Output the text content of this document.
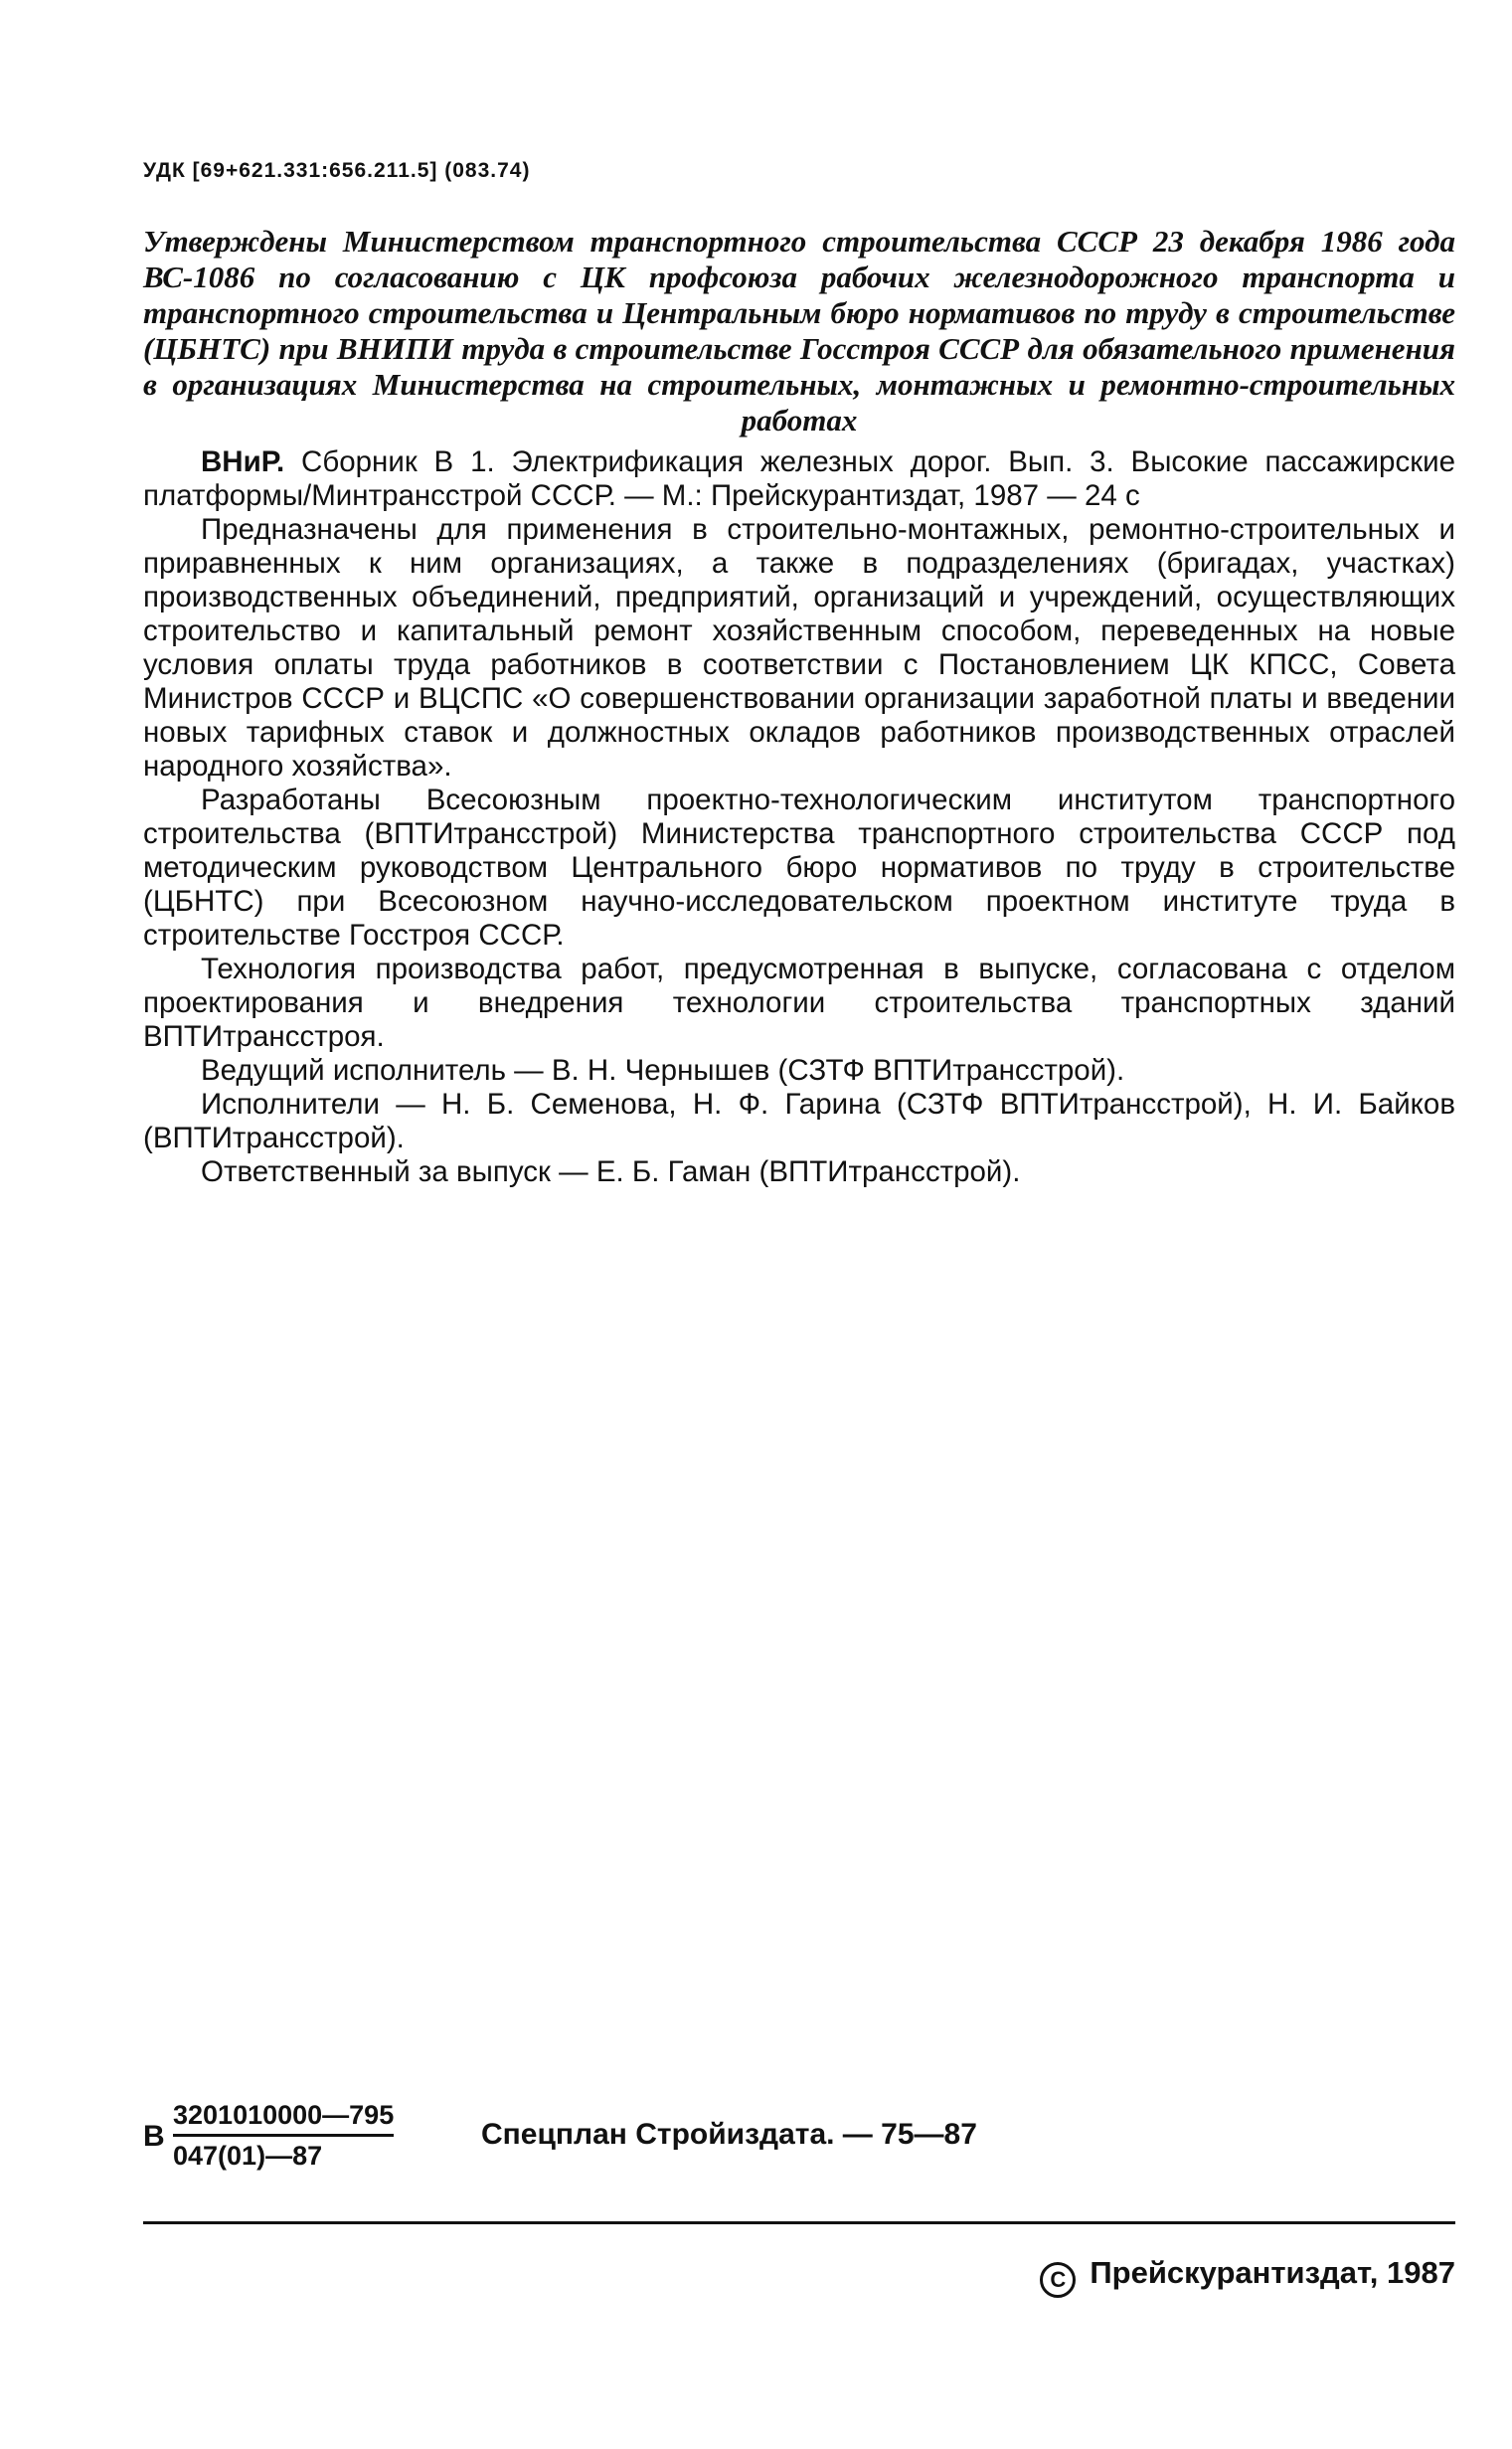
УДК [69+621.331:656.211.5] (083.74)
Утверждены Министерством транспортного строительства СССР 23 декабря 1986 года ВС-1086 по согласованию с ЦК профсоюза рабочих железнодорожного транспорта и транспортного строительства и Центральным бюро нормативов по труду в строительстве (ЦБНТС) при ВНИПИ труда в строительстве Госстроя СССР для обязательного применения в организациях Министерства на строительных, монтажных и ремонтно-строительных работах

ВНиР. Сборник В 1. Электрификация железных дорог. Вып. 3. Высокие пассажирские платформы/Минтрансстрой СССР. — М.: Прейскурантиздат, 1987 — 24 с

Предназначены для применения в строительно-монтажных, ремонтно-строительных и приравненных к ним организациях, а также в подразделениях (бригадах, участках) производственных объединений, предприятий, организаций и учреждений, осуществляющих строительство и капитальный ремонт хозяйственным способом, переведенных на новые условия оплаты труда работников в соответствии с Постановлением ЦК КПСС, Совета Министров СССР и ВЦСПС «О совершенствовании организации заработной платы и введении новых тарифных ставок и должностных окладов работников производственных отраслей народного хозяйства».

Разработаны Всесоюзным проектно-технологическим институтом транспортного строительства (ВПТИтрансстрой) Министерства транспортного строительства СССР под методическим руководством Центрального бюро нормативов по труду в строительстве (ЦБНТС) при Всесоюзном научно-исследовательском проектном институте труда в строительстве Госстроя СССР.

Технология производства работ, предусмотренная в выпуске, согласована с отделом проектирования и внедрения технологии строительства транспортных зданий ВПТИтрансстроя.

Ведущий исполнитель — В. Н. Чернышев (СЗТФ ВПТИтрансстрой).

Исполнители — Н. Б. Семенова, Н. Ф. Гарина (СЗТФ ВПТИтрансстрой), Н. И. Байков (ВПТИтрансстрой).

Ответственный за выпуск — Е. Б. Гаман (ВПТИтрансстрой).

В $\frac{3201010000—795}{047(01)—87}$	Спецплан Стройиздата. — 75—87
C Прейскурантиздат, 1987
